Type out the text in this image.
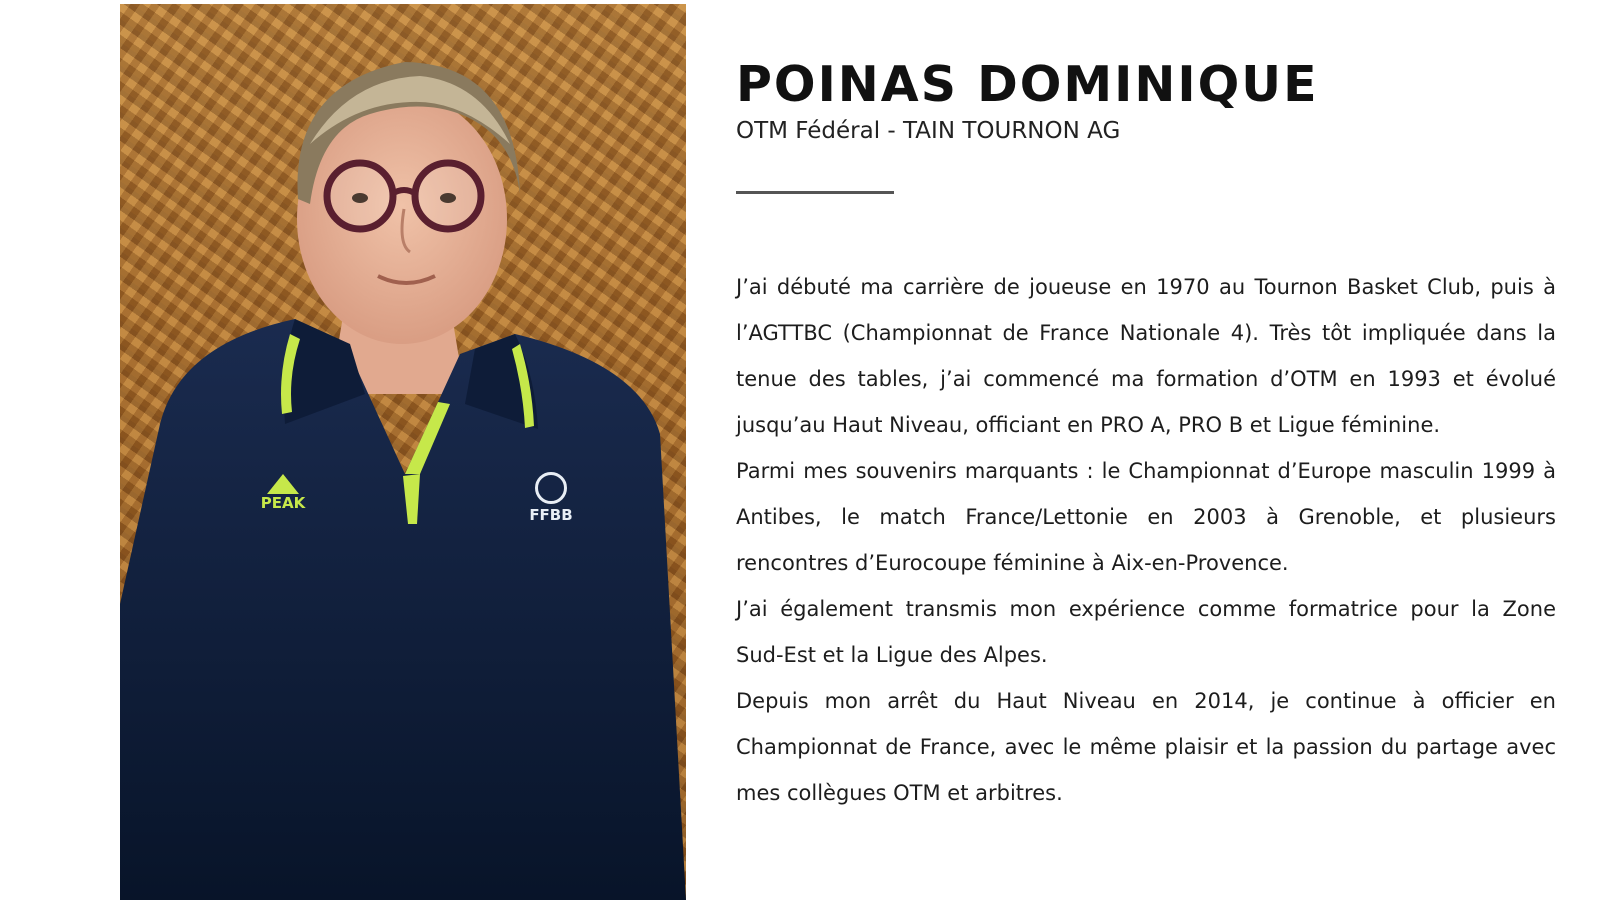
PEAK
FFBB
POINAS DOMINIQUE
OTM Fédéral - TAIN TOURNON AG

J’ai débuté ma carrière de joueuse en 1970 au Tournon Basket Club, puis à l’AGTTBC (Championnat de France Nationale 4). Très tôt impliquée dans la tenue des tables, j’ai commencé ma formation d’OTM en 1993 et évolué jusqu’au Haut Niveau, officiant en PRO A, PRO B et Ligue féminine.

Parmi mes souvenirs marquants : le Championnat d’Europe masculin 1999 à Antibes, le match France/Lettonie en 2003 à Grenoble, et plusieurs rencontres d’Eurocoupe féminine à Aix-en-Provence.

J’ai également transmis mon expérience comme formatrice pour la Zone Sud-Est et la Ligue des Alpes.

Depuis mon arrêt du Haut Niveau en 2014, je continue à officier en Championnat de France, avec le même plaisir et la passion du partage avec mes collègues OTM et arbitres.
